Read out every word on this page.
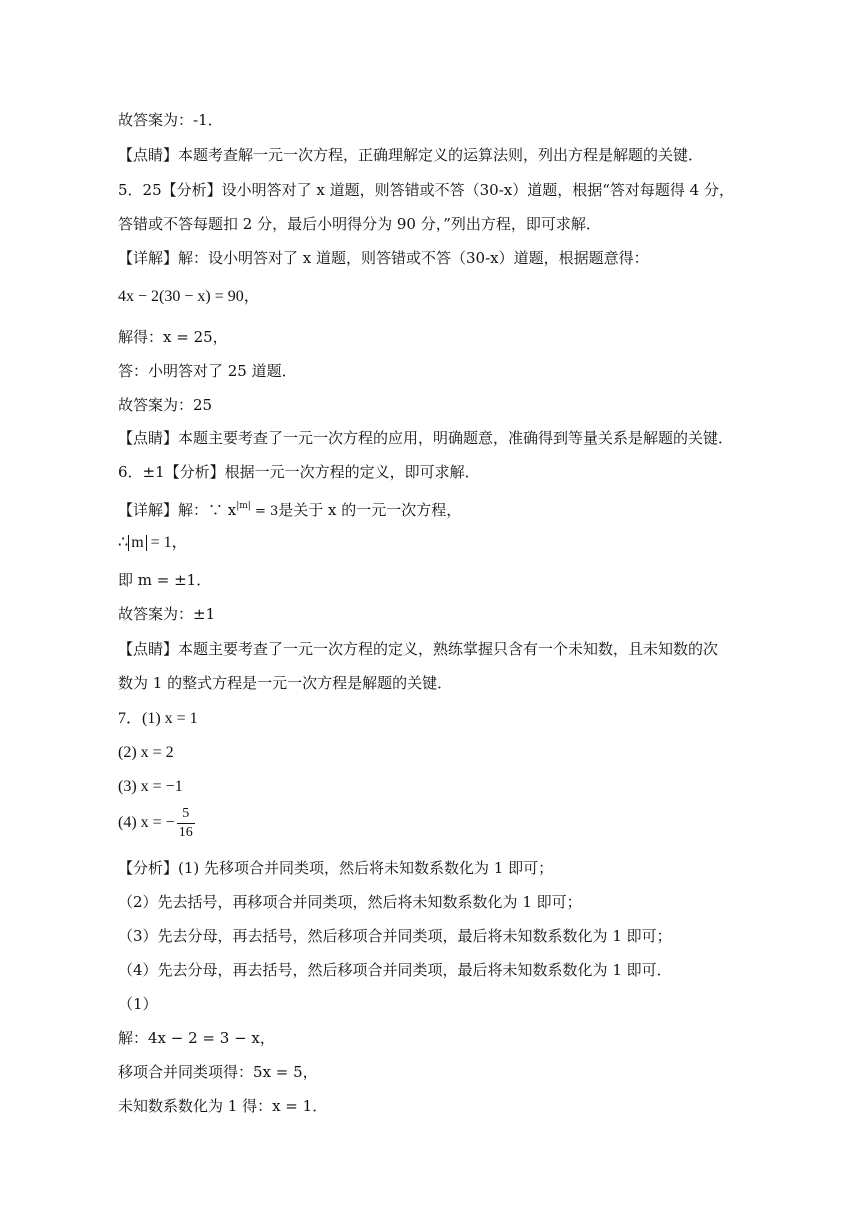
故答案为：-1．
【点睛】本题考查解一元一次方程，正确理解定义的运算法则，列出方程是解题的关键．
5．25【分析】设小明答对了 x 道题，则答错或不答（30-x）道题，根据“答对每题得 4 分，
答错或不答每题扣 2 分，最后小明得分为 90 分，”列出方程，即可求解．
【详解】解：设小明答对了 x 道题，则答错或不答（30-x）道题，根据题意得：
4x − 2(30 − x) = 90，
解得：x = 25，
答：小明答对了 25 道题．
故答案为：25
【点睛】本题主要考查了一元一次方程的应用，明确题意，准确得到等量关系是解题的关键．
6．±1【分析】根据一元一次方程的定义，即可求解．
【详解】解：∵ $x^{|m|} = 3$是关于 x 的一元一次方程，
∴ m = 1，
即 m = ±1．
故答案为：±1
【点睛】本题主要考查了一元一次方程的定义，熟练掌握只含有一个未知数，且未知数的次
数为 1 的整式方程是一元一次方程是解题的关键．
7．(1) x = 1
(2) x = 2
(3) x = −1
(4) x = − $\frac{5}{16}$
【分析】(1) 先移项合并同类项，然后将未知数系数化为 1 即可；
（2）先去括号，再移项合并同类项，然后将未知数系数化为 1 即可；
（3）先去分母，再去括号，然后移项合并同类项，最后将未知数系数化为 1 即可；
（4）先去分母，再去括号，然后移项合并同类项，最后将未知数系数化为 1 即可．
（1）
解：4x − 2 = 3 − x，
移项合并同类项得：5x = 5，
未知数系数化为 1 得：x = 1．
